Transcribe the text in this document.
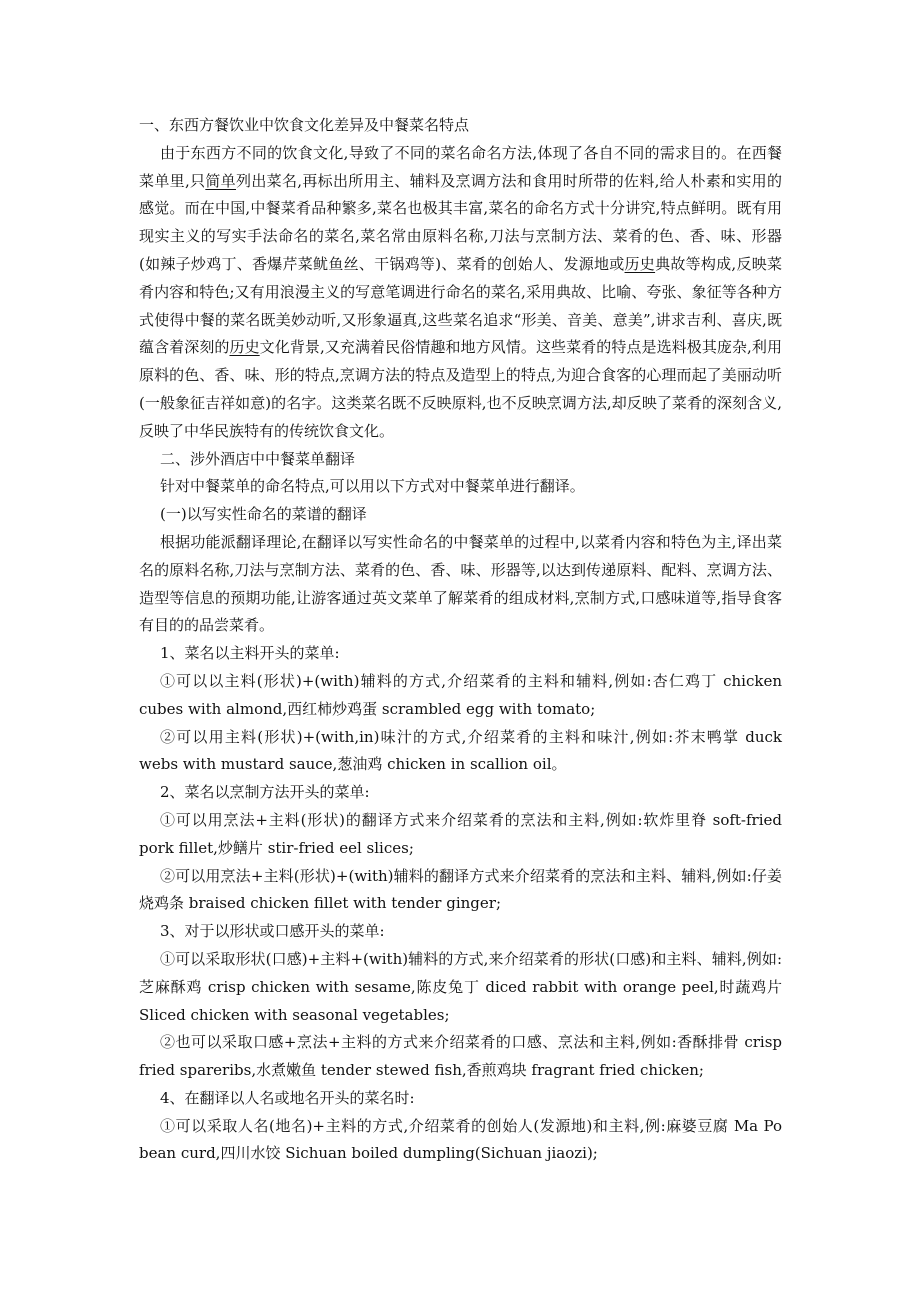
一、东西方餐饮业中饮食文化差异及中餐菜名特点

由于东西方不同的饮食文化,导致了不同的菜名命名方法,体现了各自不同的需求目的。在西餐菜单里,只简单列出菜名,再标出所用主、辅料及烹调方法和食用时所带的佐料,给人朴素和实用的感觉。而在中国,中餐菜肴品种繁多,菜名也极其丰富,菜名的命名方式十分讲究,特点鲜明。既有用现实主义的写实手法命名的菜名,菜名常由原料名称,刀法与烹制方法、菜肴的色、香、味、形器(如辣子炒鸡丁、香爆芹菜鱿鱼丝、干锅鸡等)、菜肴的创始人、发源地或历史典故等构成,反映菜肴内容和特色;又有用浪漫主义的写意笔调进行命名的菜名,采用典故、比喻、夸张、象征等各种方式使得中餐的菜名既美妙动听,又形象逼真,这些菜名追求“形美、音美、意美”,讲求吉利、喜庆,既蕴含着深刻的历史文化背景,又充满着民俗情趣和地方风情。这些菜肴的特点是选料极其庞杂,利用原料的色、香、味、形的特点,烹调方法的特点及造型上的特点,为迎合食客的心理而起了美丽动听(一般象征吉祥如意)的名字。这类菜名既不反映原料,也不反映烹调方法,却反映了菜肴的深刻含义,反映了中华民族特有的传统饮食文化。

二、涉外酒店中中餐菜单翻译

针对中餐菜单的命名特点,可以用以下方式对中餐菜单进行翻译。

(一)以写实性命名的菜谱的翻译

根据功能派翻译理论,在翻译以写实性命名的中餐菜单的过程中,以菜肴内容和特色为主,译出菜名的原料名称,刀法与烹制方法、菜肴的色、香、味、形器等,以达到传递原料、配料、烹调方法、造型等信息的预期功能,让游客通过英文菜单了解菜肴的组成材料,烹制方式,口感味道等,指导食客有目的的品尝菜肴。

1、菜名以主料开头的菜单:

①可以以主料(形状)+(with)辅料的方式,介绍菜肴的主料和辅料,例如:杏仁鸡丁 chicken cubes with almond,西红柿炒鸡蛋 scrambled egg with tomato;

②可以用主料(形状)+(with,in)味汁的方式,介绍菜肴的主料和味汁,例如:芥末鸭掌 duck webs with mustard sauce,葱油鸡 chicken in scallion oil。

2、菜名以烹制方法开头的菜单:

①可以用烹法+主料(形状)的翻译方式来介绍菜肴的烹法和主料,例如:软炸里脊 soft-fried pork fillet,炒鳝片 stir-fried eel slices;

②可以用烹法+主料(形状)+(with)辅料的翻译方式来介绍菜肴的烹法和主料、辅料,例如:仔姜烧鸡条 braised chicken fillet with tender ginger;

3、对于以形状或口感开头的菜单:

①可以采取形状(口感)+主料+(with)辅料的方式,来介绍菜肴的形状(口感)和主料、辅料,例如:芝麻酥鸡 crisp chicken with sesame,陈皮兔丁 diced rabbit with orange peel,时蔬鸡片 Sliced chicken with seasonal vegetables;

②也可以采取口感+烹法+主料的方式来介绍菜肴的口感、烹法和主料,例如:香酥排骨 crisp fried spareribs,水煮嫩鱼 tender stewed fish,香煎鸡块 fragrant fried chicken;

4、在翻译以人名或地名开头的菜名时:

①可以采取人名(地名)+主料的方式,介绍菜肴的创始人(发源地)和主料,例:麻婆豆腐 Ma Po bean curd,四川水饺 Sichuan boiled dumpling(Sichuan jiaozi);
